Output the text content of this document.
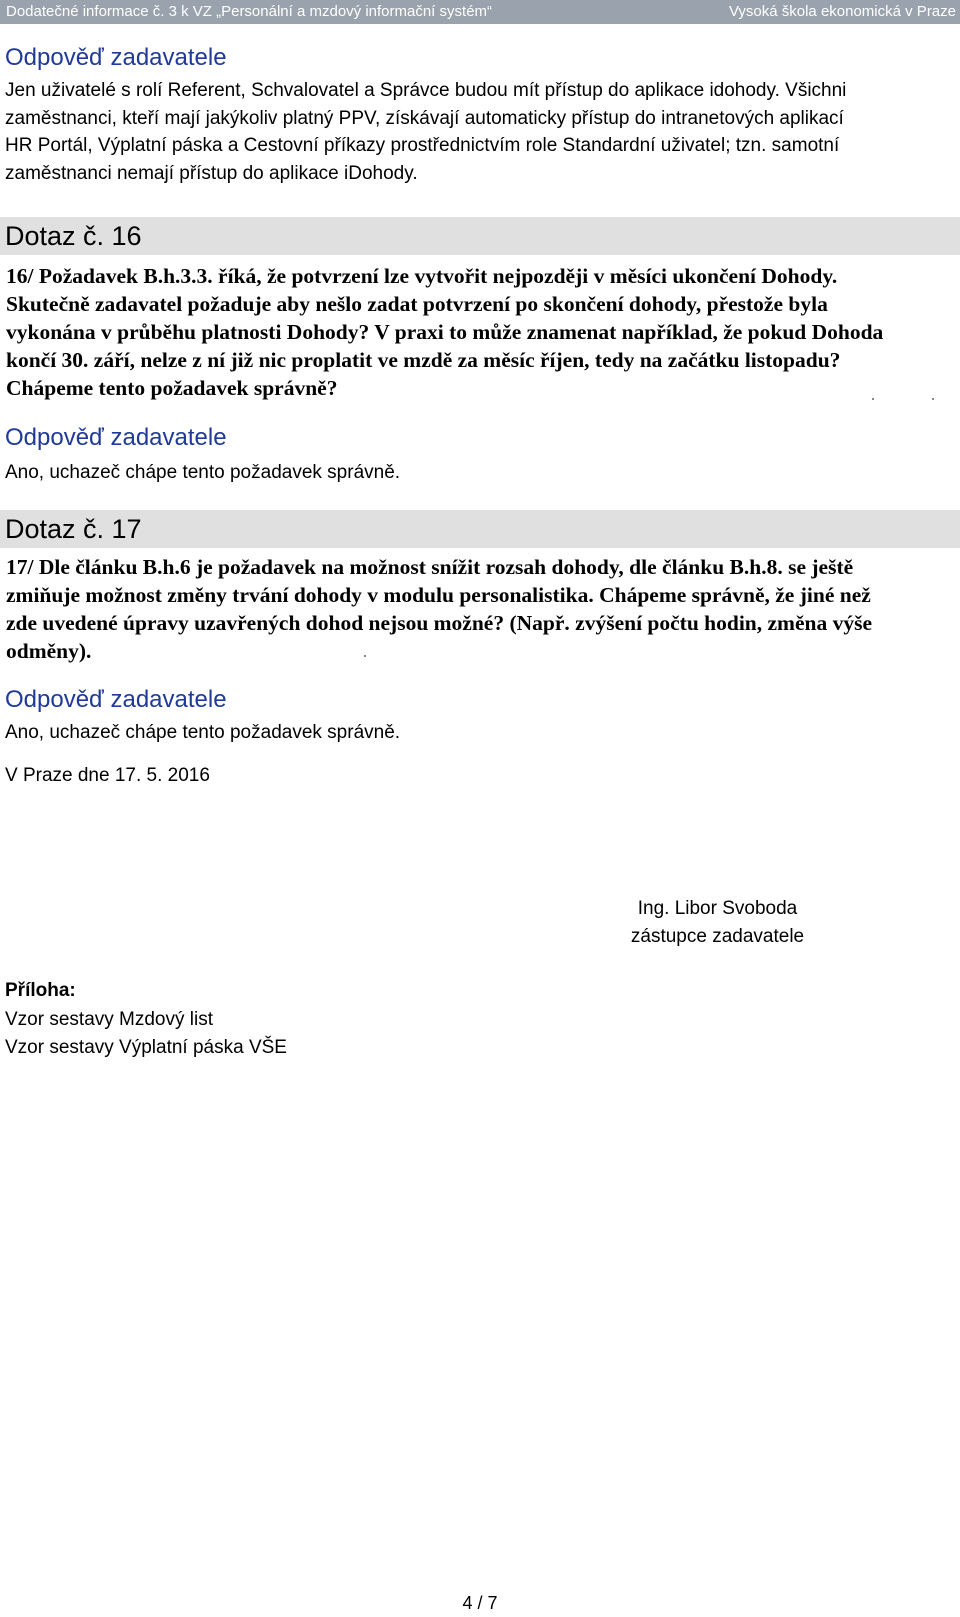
Dodatečné informace č. 3 k VZ „Personální a mzdový informační systém“	Vysoká škola ekonomická v Praze
Odpověď zadavatele
Jen uživatelé s rolí Referent, Schvalovatel a Správce budou mít přístup do aplikace idohody. Všichni
zaměstnanci, kteří mají jakýkoliv platný PPV, získávají automaticky přístup do intranetových aplikací
HR Portál, Výplatní páska a Cestovní příkazy prostřednictvím role Standardní uživatel; tzn. samotní
zaměstnanci nemají přístup do aplikace iDohody.
Dotaz č. 16
16/ Požadavek B.h.3.3. říká, že potvrzení lze vytvořit nejpozději v měsíci ukončení Dohody.
Skutečně zadavatel požaduje aby nešlo zadat potvrzení po skončení dohody, přestože byla
vykonána v průběhu platnosti Dohody? V praxi to může znamenat například, že pokud Dohoda
končí 30. září, nelze z ní již nic proplatit ve mzdě za měsíc říjen, tedy na začátku listopadu?
Chápeme tento požadavek správně?
Odpověď zadavatele
Ano, uchazeč chápe tento požadavek správně.
Dotaz č. 17
17/ Dle článku B.h.6 je požadavek na možnost snížit rozsah dohody, dle článku B.h.8. se ještě
zmiňuje možnost změny trvání dohody v modulu personalistika. Chápeme správně, že jiné než
zde uvedené úpravy uzavřených dohod nejsou možné? (Např. zvýšení počtu hodin, změna výše
odměny).
Odpověď zadavatele
Ano, uchazeč chápe tento požadavek správně.
V Praze dne 17. 5. 2016
Ing. Libor Svoboda
zástupce zadavatele
Příloha:
Vzor sestavy Mzdový list
Vzor sestavy Výplatní páska VŠE
4 / 7
